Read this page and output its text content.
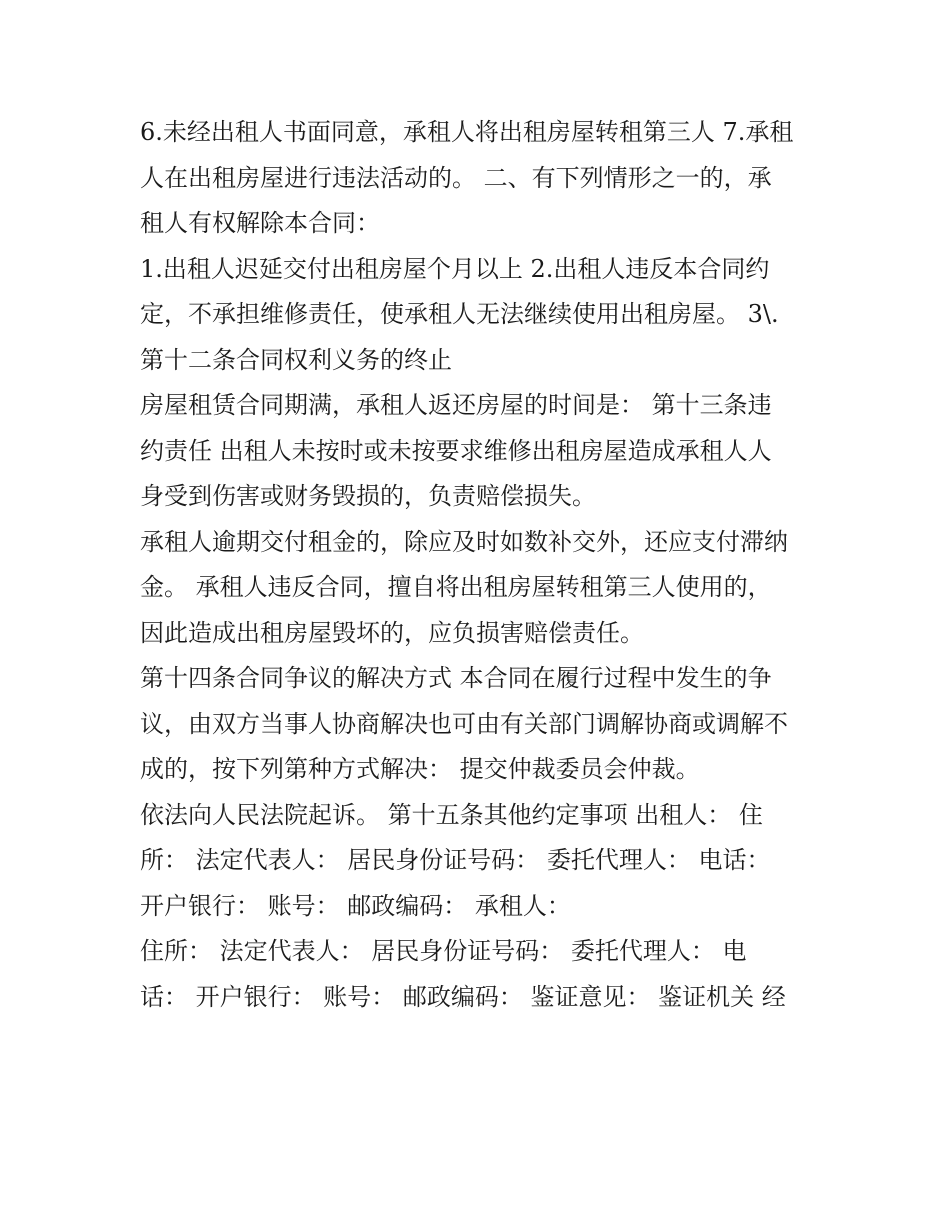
6.未经出租人书面同意，承租人将出租房屋转租第三人 7.承租
人在出租房屋进行违法活动的。 二、有下列情形之一的，承
租人有权解除本合同：
1.出租人迟延交付出租房屋个月以上 2.出租人违反本合同约
定，不承担维修责任，使承租人无法继续使用出租房屋。 3\.
第十二条合同权利义务的终止
房屋租赁合同期满，承租人返还房屋的时间是： 第十三条违
约责任 出租人未按时或未按要求维修出租房屋造成承租人人
身受到伤害或财务毁损的，负责赔偿损失。
承租人逾期交付租金的，除应及时如数补交外，还应支付滞纳
金。 承租人违反合同，擅自将出租房屋转租第三人使用的，
因此造成出租房屋毁坏的，应负损害赔偿责任。
第十四条合同争议的解决方式 本合同在履行过程中发生的争
议，由双方当事人协商解决也可由有关部门调解协商或调解不
成的，按下列第种方式解决： 提交仲裁委员会仲裁。
依法向人民法院起诉。 第十五条其他约定事项 出租人： 住
所： 法定代表人： 居民身份证号码： 委托代理人： 电话：
开户银行： 账号： 邮政编码： 承租人：
住所： 法定代表人： 居民身份证号码： 委托代理人： 电
话： 开户银行： 账号： 邮政编码： 鉴证意见： 鉴证机关 经
